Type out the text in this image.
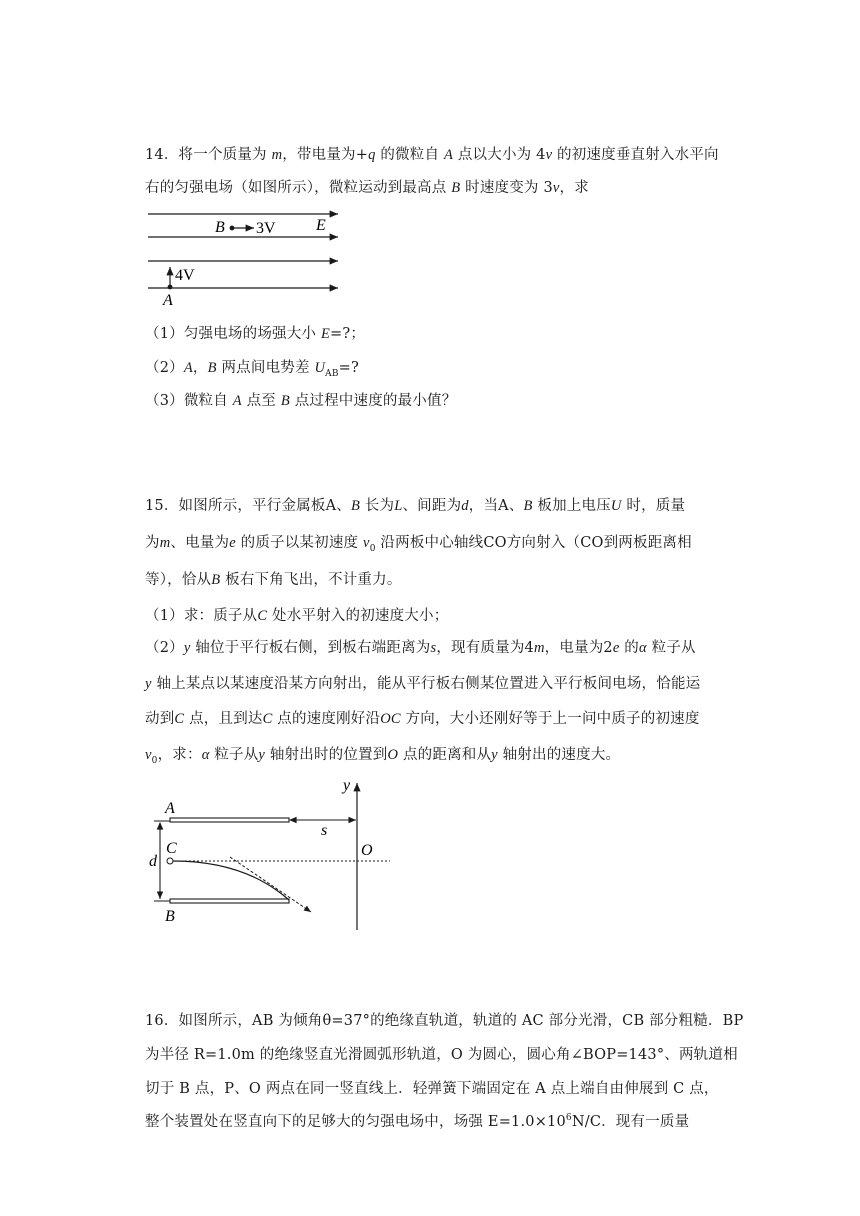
14．将一个质量为 m，带电量为+q 的微粒自 A 点以大小为 4v 的初速度垂直射入水平向
右的匀强电场（如图所示），微粒运动到最高点 B 时速度变为 3v，求
B 3V	E
4V
A
（1）匀强电场的场强大小 E=?；
（2）A，B 两点间电势差 $U_{AB}=$?
（3）微粒自 A 点至 B 点过程中速度的最小值？
15．如图所示，平行金属板A、B 长为L、间距为d，当A、B 板加上电压U 时，质量
为m、电量为e 的质子以某初速度 $v_0$ 沿两板中心轴线CO方向射入（CO到两板距离相
等），恰从B 板右下角飞出，不计重力。
（1）求：质子从C 处水平射入的初速度大小；
（2）y 轴位于平行板右侧，到板右端距离为s，现有质量为4m，电量为2e 的α 粒子从
y 轴上某点以某速度沿某方向射出，能从平行板右侧某位置进入平行板间电场，恰能运
动到C 点，且到达C 点的速度刚好沿OC 方向，大小还刚好等于上一问中质子的初速度
$v_0$，求：α 粒子从y 轴射出时的位置到O 点的距离和从y 轴射出的速度大。
A
B
d
C
y
O
s
16．如图所示，AB 为倾角θ=37°的绝缘直轨道，轨道的 AC 部分光滑，CB 部分粗糙．BP
为半径 R=1.0m 的绝缘竖直光滑圆弧形轨道，O 为圆心，圆心角∠BOP=143°、两轨道相
切于 B 点，P、O 两点在同一竖直线上．轻弹簧下端固定在 A 点上端自由伸展到 C 点，
整个装置处在竖直向下的足够大的匀强电场中，场强 $E=1.0\times 10^6N/C$．现有一质量
